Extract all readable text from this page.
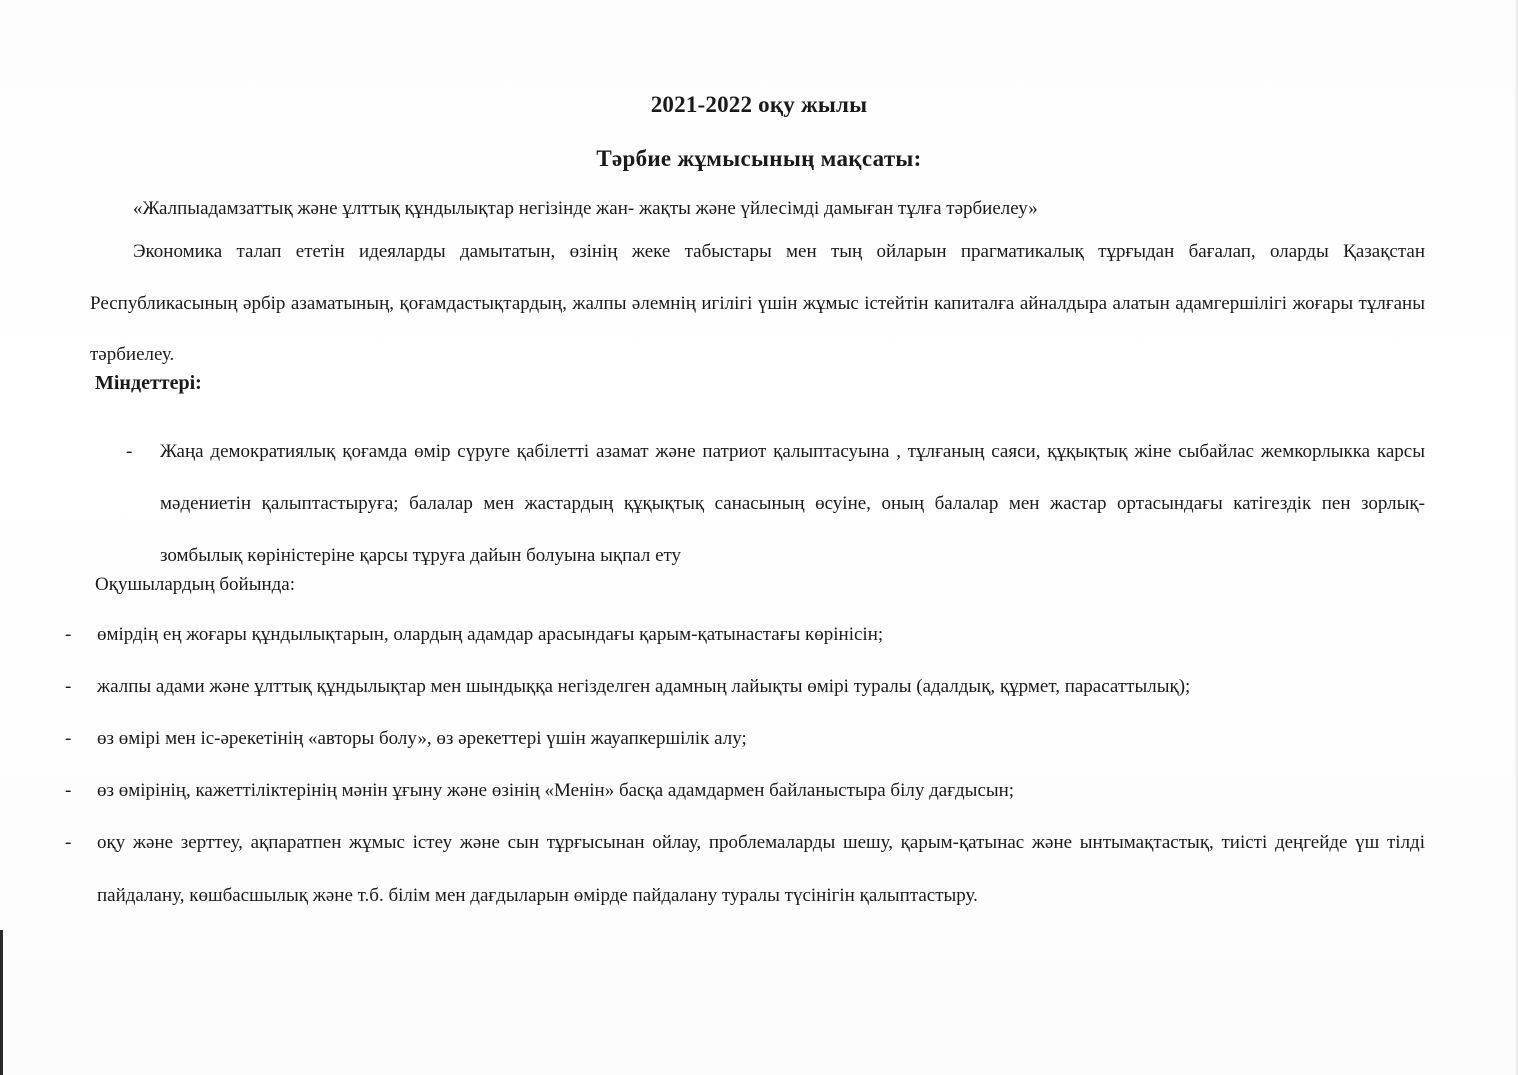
2021-2022 оқу жылы
Тәрбие жұмысының мақсаты:

«Жалпыадамзаттық және ұлттық құндылықтар негізінде жан- жақты және үйлесімді дамыған тұлға тәрбиелеу»

Экономика талап ететін идеяларды дамытатын, өзінің жеке табыстары мен тың ойларын прагматикалық тұрғыдан бағалап, оларды Қазақстан Республикасының әрбір азаматының, қоғамдастықтардың, жалпы әлемнің игілігі үшін жұмыс істейтін капиталға айналдыра алатын адамгершілігі жоғары тұлғаны тәрбиелеу.

Міндеттері:
- Жаңа демократиялық қоғамда өмір сүруге қабілетті азамат және патриот қалыптасуына , тұлғаның саяси, құқықтық жіне сыбайлас жемкорлыкка карсы мәдениетін қалыптастыруға; балалар мен жастардың құқықтық санасының өсуіне, оның балалар мен жастар ортасындағы катігездік пен зорлық- зомбылық көріністеріне қарсы тұруға дайын болуына ықпал ету

Оқушылардың бойында:

- өмірдің ең жоғары құндылықтарын, олардың адамдар арасындағы қарым-қатынастағы көрінісін;
- жалпы адами және ұлттық құндылықтар мен шындыққа негізделген адамның лайықты өмірі туралы (адалдық, құрмет, парасаттылық);
- өз өмірі мен іс-әрекетінің «авторы болу», өз әрекеттері үшін жауапкершілік алу;
- өз өмірінің, кажеттіліктерінің мәнін ұғыну және өзінің «Менін» басқа адамдармен байланыстыра білу дағдысын;
- оқу және зерттеу, ақпаратпен жұмыс істеу және сын тұрғысынан ойлау, проблемаларды шешу, қарым-қатынас және ынтымақтастық, тиісті деңгейде үш тілді пайдалану, көшбасшылық және т.б. білім мен дағдыларын өмірде пайдалану туралы түсінігін қалыптастыру.
